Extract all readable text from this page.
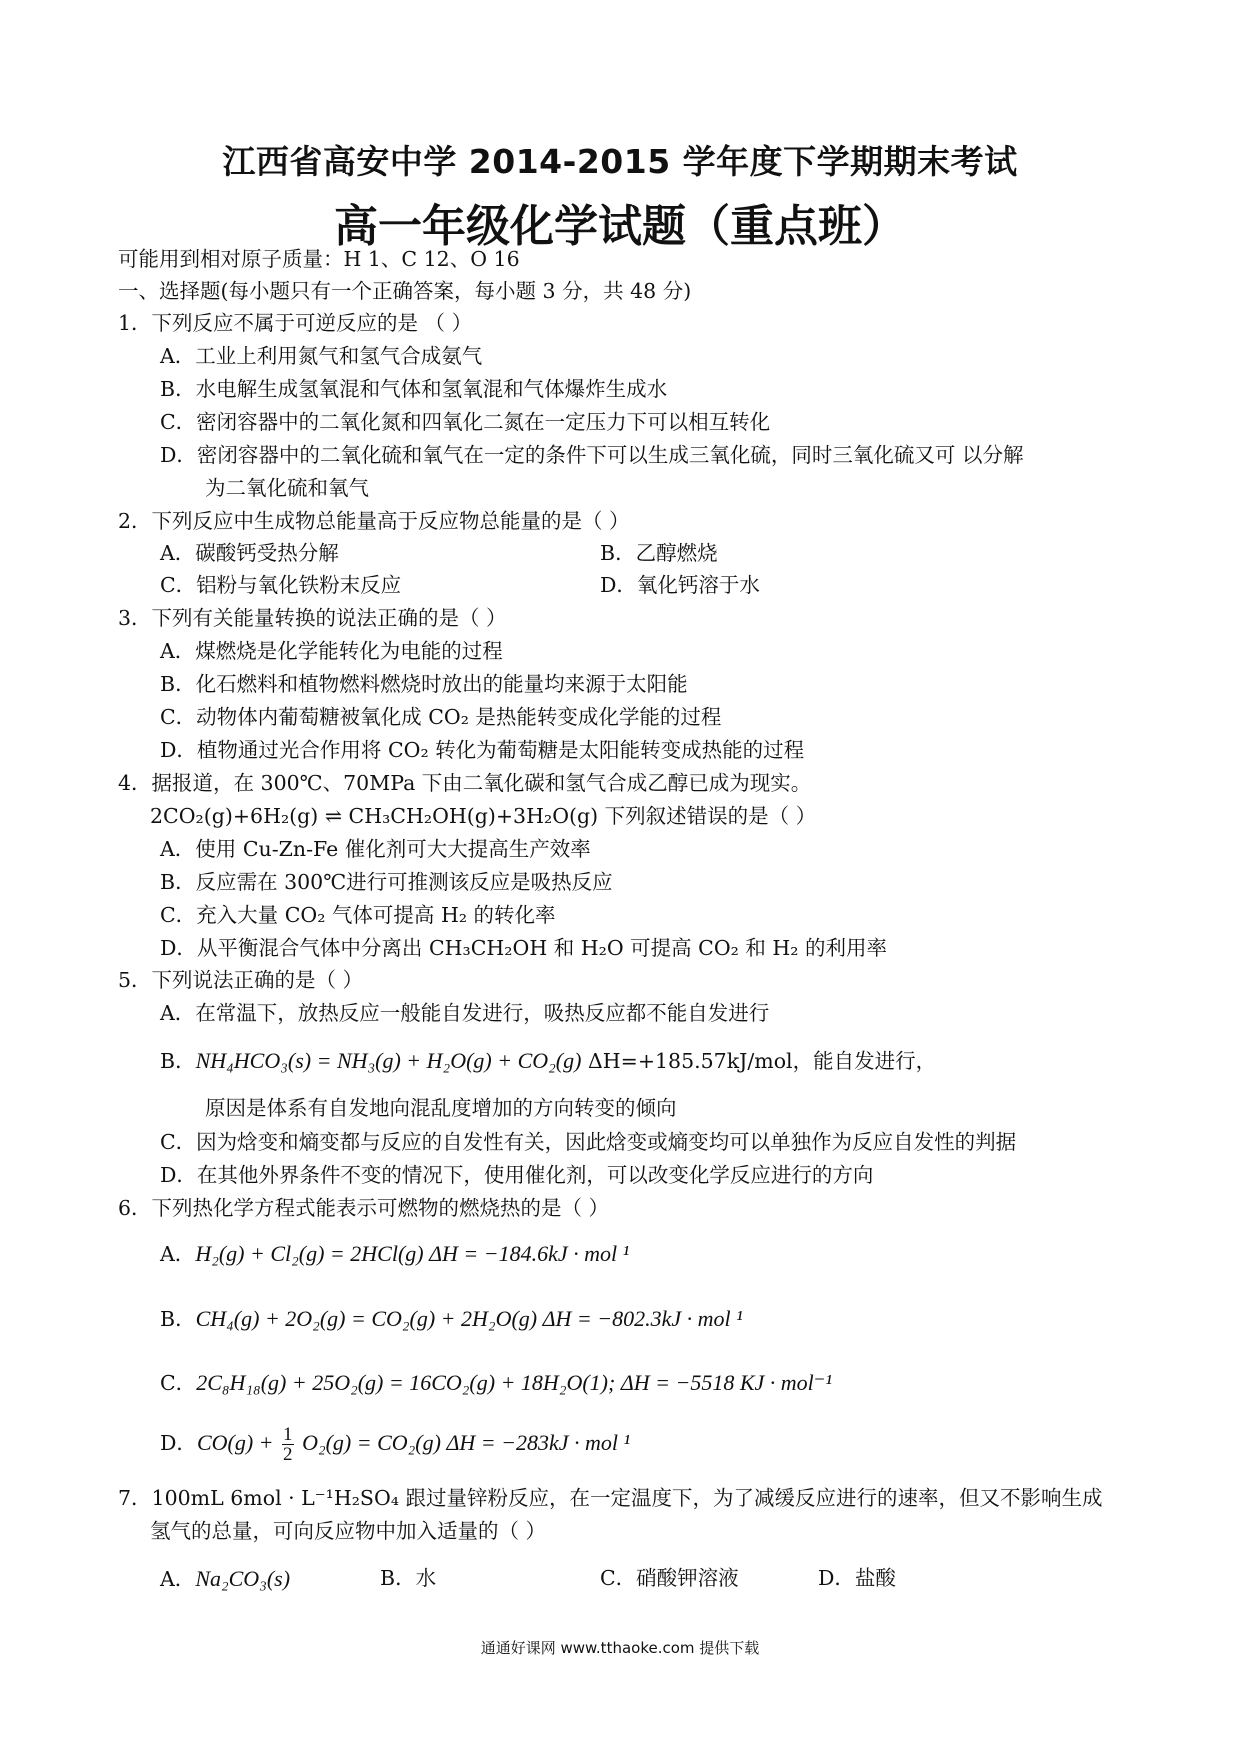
江西省高安中学 2014-2015 学年度下学期期末考试
高一年级化学试题（重点班）
可能用到相对原子质量：H 1、C 12、O 16
一、选择题(每小题只有一个正确答案，每小题 3 分，共 48 分)
1．下列反应不属于可逆反应的是 （ ）
A．工业上利用氮气和氢气合成氨气
B．水电解生成氢氧混和气体和氢氧混和气体爆炸生成水
C．密闭容器中的二氧化氮和四氧化二氮在一定压力下可以相互转化
D．密闭容器中的二氧化硫和氧气在一定的条件下可以生成三氧化硫，同时三氧化硫又可 以分解
为二氧化硫和氧气
2．下列反应中生成物总能量高于反应物总能量的是（ ）
A．碳酸钙受热分解	B．乙醇燃烧
C．铝粉与氧化铁粉末反应	D．氧化钙溶于水
3．下列有关能量转换的说法正确的是（ ）
A．煤燃烧是化学能转化为电能的过程
B．化石燃料和植物燃料燃烧时放出的能量均来源于太阳能
C．动物体内葡萄糖被氧化成 CO₂ 是热能转变成化学能的过程
D．植物通过光合作用将 CO₂ 转化为葡萄糖是太阳能转变成热能的过程
4．据报道，在 300℃、70MPa 下由二氧化碳和氢气合成乙醇已成为现实。
2CO₂(g)+6H₂(g) ⇌ CH₃CH₂OH(g)+3H₂O(g) 下列叙述错误的是（ ）
A．使用 Cu-Zn-Fe 催化剂可大大提高生产效率
B．反应需在 300℃进行可推测该反应是吸热反应
C．充入大量 CO₂ 气体可提高 H₂ 的转化率
D．从平衡混合气体中分离出 CH₃CH₂OH 和 H₂O 可提高 CO₂ 和 H₂ 的利用率
5．下列说法正确的是（ ）
A．在常温下，放热反应一般能自发进行，吸热反应都不能自发进行
B．NH₄HCO₃(s) = NH₃(g) + H₂O(g) + CO₂(g) ΔH=+185.57kJ/mol，能自发进行，
原因是体系有自发地向混乱度增加的方向转变的倾向
C．因为焓变和熵变都与反应的自发性有关，因此焓变或熵变均可以单独作为反应自发性的判据
D．在其他外界条件不变的情况下，使用催化剂，可以改变化学反应进行的方向
6．下列热化学方程式能表示可燃物的燃烧热的是（ ）
A．H₂(g) + Cl₂(g) = 2HCl(g) ΔH = −184.6kJ · mol ¹
B．CH₄(g) + 2O₂(g) = CO₂(g) + 2H₂O(g) ΔH = −802.3kJ · mol ¹
C．2C₈H₁₈(g) + 25O₂(g) = 16CO₂(g) + 18H₂O(1); ΔH = −5518 KJ · mol⁻¹
D．$CO(g) + \frac{1}{2} O_2(g) = CO_2(g) \Delta H = -283kJ$ · mol ¹
7．100mL 6mol · L⁻¹H₂SO₄ 跟过量锌粉反应，在一定温度下，为了减缓反应进行的速率，但又不影响生成
氢气的总量，可向反应物中加入适量的（ ）
A．Na₂CO₃(s)	B．水	C．硝酸钾溶液	D．盐酸
通通好课网 www.tthaoke.com 提供下载
